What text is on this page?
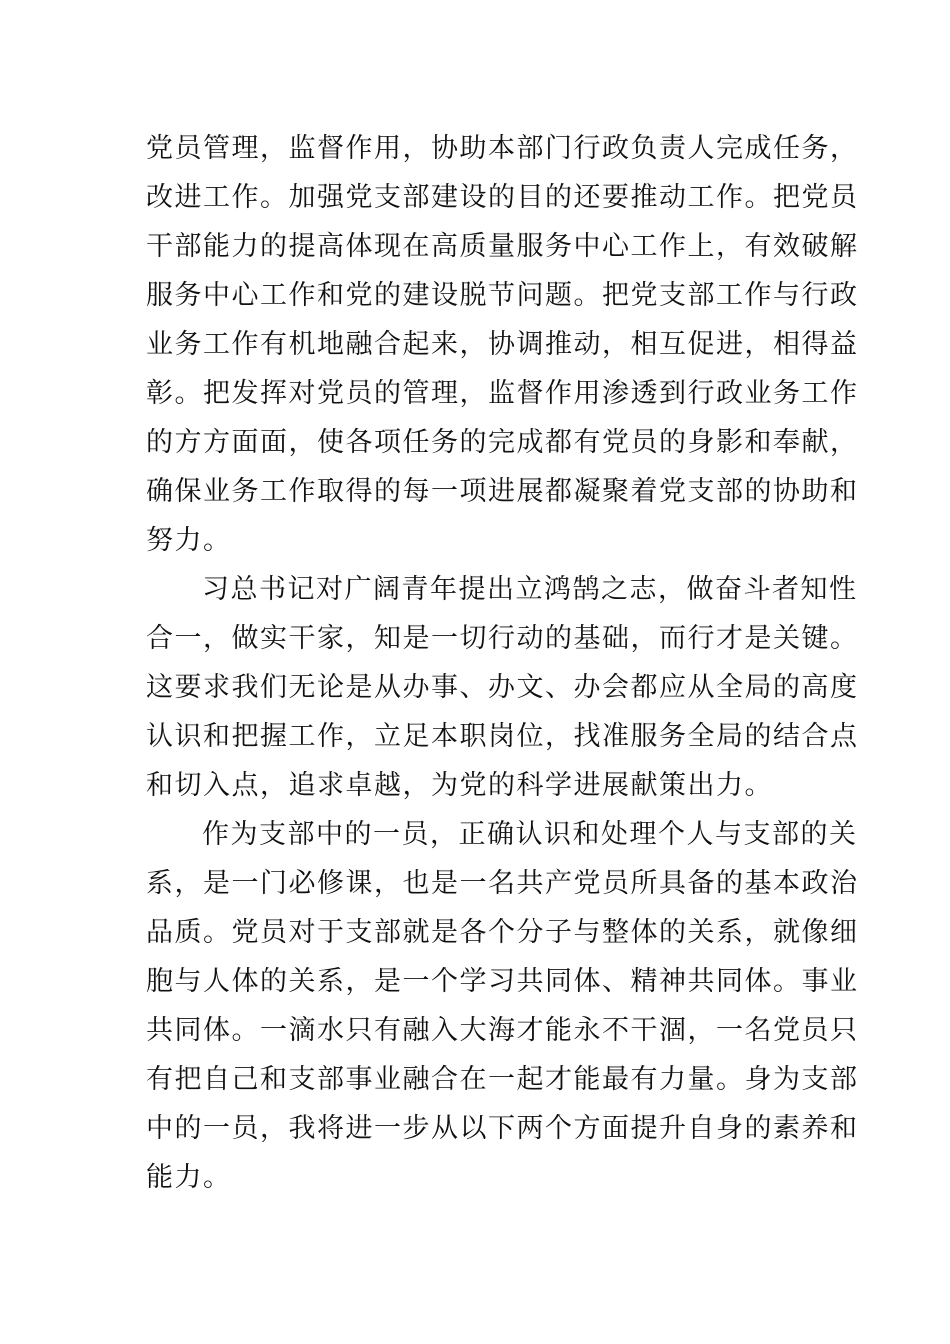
党员管理，监督作用，协助本部门行政负责人完成任务，
改进工作。加强党支部建设的目的还要推动工作。把党员
干部能力的提高体现在高质量服务中心工作上，有效破解
服务中心工作和党的建设脱节问题。把党支部工作与行政
业务工作有机地融合起来，协调推动，相互促进，相得益
彰。把发挥对党员的管理，监督作用渗透到行政业务工作
的方方面面，使各项任务的完成都有党员的身影和奉献，
确保业务工作取得的每一项进展都凝聚着党支部的协助和
努力。
习总书记对广阔青年提出立鸿鹄之志，做奋斗者知性
合一，做实干家，知是一切行动的基础，而行才是关键。
这要求我们无论是从办事、办文、办会都应从全局的高度
认识和把握工作，立足本职岗位，找准服务全局的结合点
和切入点，追求卓越，为党的科学进展献策出力。
作为支部中的一员，正确认识和处理个人与支部的关
系，是一门必修课，也是一名共产党员所具备的基本政治
品质。党员对于支部就是各个分子与整体的关系，就像细
胞与人体的关系，是一个学习共同体、精神共同体。事业
共同体。一滴水只有融入大海才能永不干涸，一名党员只
有把自己和支部事业融合在一起才能最有力量。身为支部
中的一员，我将进一步从以下两个方面提升自身的素养和
能力。
